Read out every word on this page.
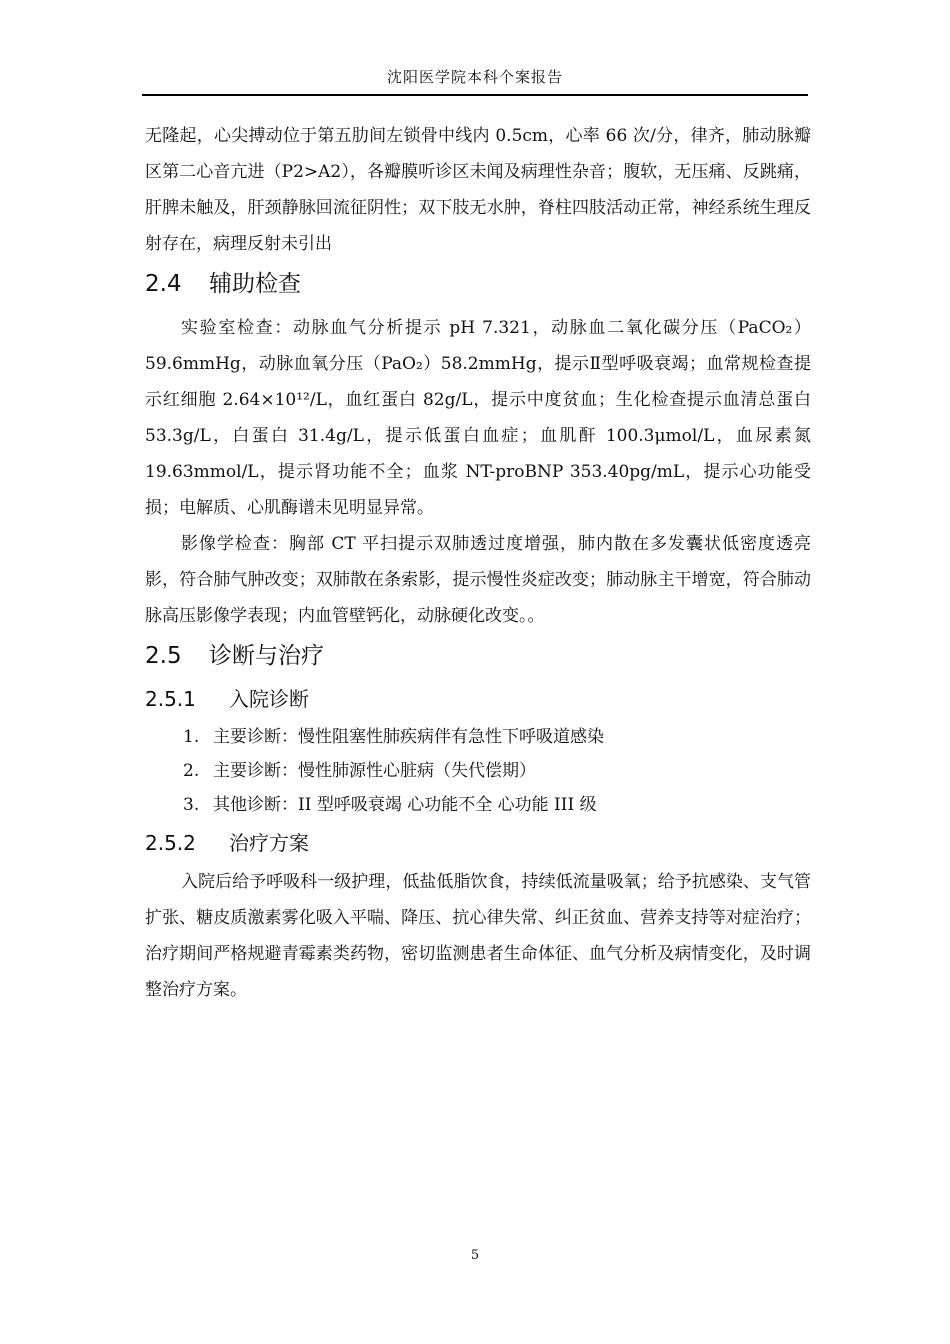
沈阳医学院本科个案报告

无隆起，心尖搏动位于第五肋间左锁骨中线内 0.5cm，心率 66 次/分，律齐，肺动脉瓣区第二心音亢进（P2>A2），各瓣膜听诊区未闻及病理性杂音；腹软，无压痛、反跳痛， 肝脾未触及，肝颈静脉回流征阴性；双下肢无水肿，脊柱四肢活动正常，神经系统生理反射存在，病理反射未引出

2.4 辅助检查

实验室检查：动脉血气分析提示 pH 7.321，动脉血二氧化碳分压（PaCO₂）59.6mmHg，动脉血氧分压（PaO₂）58.2mmHg，提示Ⅱ型呼吸衰竭；血常规检查提示红细胞 2.64×10¹²/L，血红蛋白 82g/L，提示中度贫血；生化检查提示血清总蛋白 53.3g/L，白蛋白 31.4g/L，提示低蛋白血症；血肌酐 100.3μmol/L，血尿素氮 19.63mmol/L，提示肾功能不全；血浆 NT-proBNP 353.40pg/mL，提示心功能受损；电解质、心肌酶谱未见明显异常。

影像学检查：胸部 CT 平扫提示双肺透过度增强，肺内散在多发囊状低密度透亮影，符合肺气肿改变；双肺散在条索影，提示慢性炎症改变；肺动脉主干增宽，符合肺动脉高压影像学表现；内血管壁钙化，动脉硬化改变。。

2.5 诊断与治疗
2.5.1 入院诊断
1. 主要诊断：慢性阻塞性肺疾病伴有急性下呼吸道感染
2. 主要诊断：慢性肺源性心脏病（失代偿期）
3. 其他诊断：II 型呼吸衰竭 心功能不全 心功能 III 级
2.5.2 治疗方案

入院后给予呼吸科一级护理，低盐低脂饮食，持续低流量吸氧；给予抗感染、支气管扩张、糖皮质激素雾化吸入平喘、降压、抗心律失常、纠正贫血、营养支持等对症治疗；治疗期间严格规避青霉素类药物，密切监测患者生命体征、血气分析及病情变化，及时调整治疗方案。

5
